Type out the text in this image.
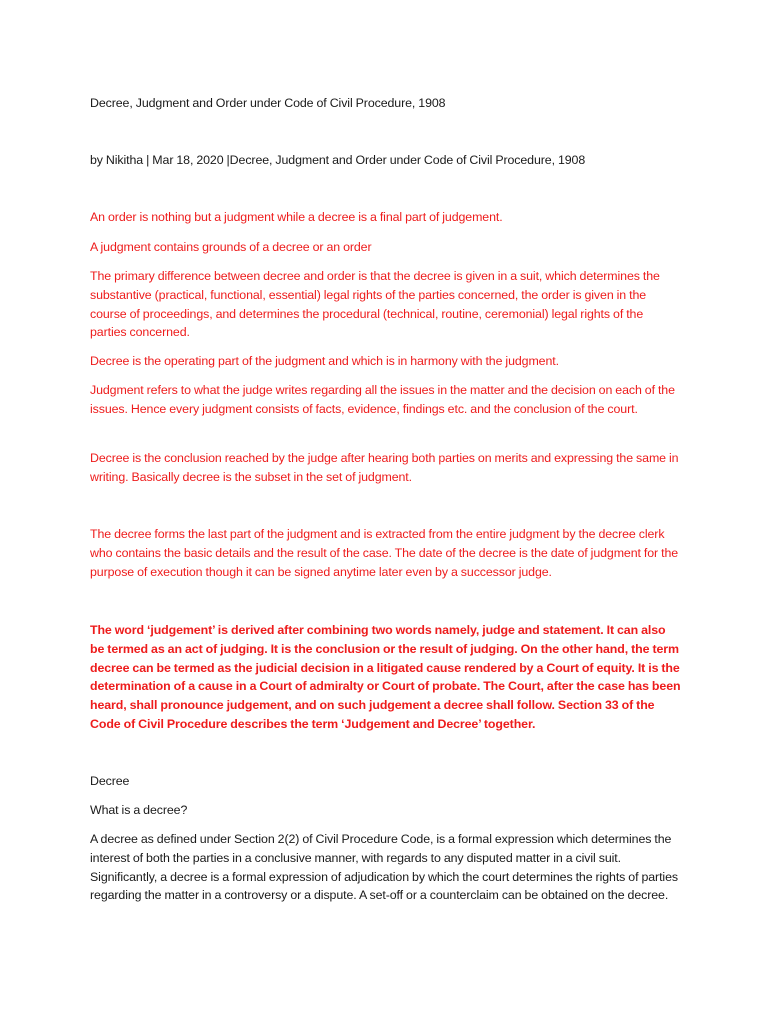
Decree, Judgment and Order under Code of Civil Procedure, 1908

by Nikitha | Mar 18, 2020 |Decree, Judgment and Order under Code of Civil Procedure, 1908

An order is nothing but a judgment while a decree is a final part of judgement.

A judgment contains grounds of a decree or an order

The primary difference between decree and order is that the decree is given in a suit, which determines the substantive (practical, functional, essential) legal rights of the parties concerned, the order is given in the course of proceedings, and determines the procedural (technical, routine, ceremonial) legal rights of the parties concerned.

Decree is the operating part of the judgment and which is in harmony with the judgment.

Judgment refers to what the judge writes regarding all the issues in the matter and the decision on each of the issues. Hence every judgment consists of facts, evidence, findings etc. and the conclusion of the court.

Decree is the conclusion reached by the judge after hearing both parties on merits and expressing the same in writing. Basically decree is the subset in the set of judgment.

The decree forms the last part of the judgment and is extracted from the entire judgment by the decree clerk who contains the basic details and the result of the case. The date of the decree is the date of judgment for the purpose of execution though it can be signed anytime later even by a successor judge.

The word ‘judgement’ is derived after combining two words namely, judge and statement. It can also be termed as an act of judging. It is the conclusion or the result of judging. On the other hand, the term decree can be termed as the judicial decision in a litigated cause rendered by a Court of equity. It is the determination of a cause in a Court of admiralty or Court of probate. The Court, after the case has been heard, shall pronounce judgement, and on such judgement a decree shall follow. Section 33 of the Code of Civil Procedure describes the term ‘Judgement and Decree’ together.

Decree

What is a decree?

A decree as defined under Section 2(2) of Civil Procedure Code, is a formal expression which determines the interest of both the parties in a conclusive manner, with regards to any disputed matter in a civil suit. Significantly, a decree is a formal expression of adjudication by which the court determines the rights of parties regarding the matter in a controversy or a dispute. A set-off or a counterclaim can be obtained on the decree.
